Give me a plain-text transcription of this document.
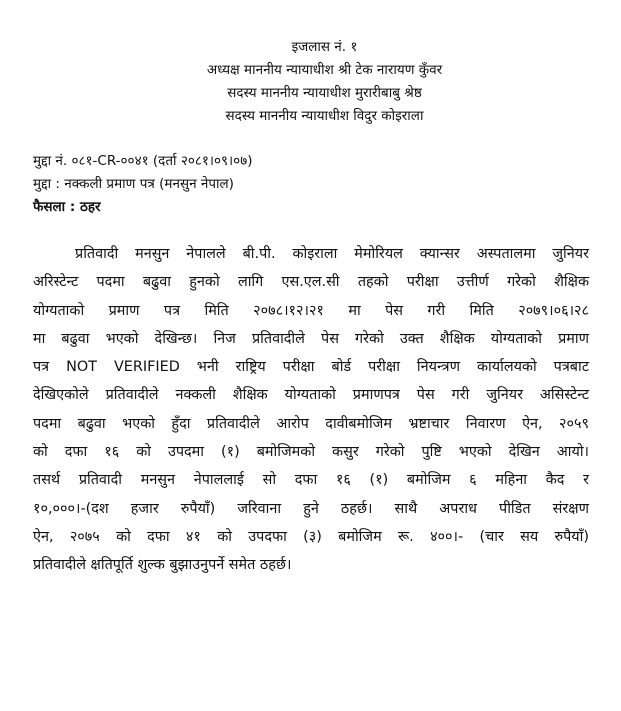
इजलास नं. १
अध्यक्ष माननीय न्यायाधीश श्री टेक नारायण कुँवर
सदस्य माननीय न्यायाधीश मुरारीबाबु श्रेष्ठ
सदस्य माननीय न्यायाधीश विदुर कोइराला
मुद्दा नं. ०८१-CR-००४१ (दर्ता २०८१।०९।०७)
मुद्दा : नक्कली प्रमाण पत्र (मनसुन नेपाल)
फैसला : ठहर
प्रतिवादी मनसुन नेपालले बी.पी. कोइराला मेमोरियल क्यान्सर अस्पतालमा जुनियर
अरिस्टेन्ट पदमा बढुवा हुनको लागि एस.एल.सी तहको परीक्षा उत्तीर्ण गरेको शैक्षिक
योग्यताको प्रमाण पत्र मिति २०७८।१२।२१ मा पेस गरी मिति २०७९।०६।२८
मा बढुवा भएको देखिन्छ। निज प्रतिवादीले पेस गरेको उक्त शैक्षिक योग्यताको प्रमाण
पत्र NOT VERIFIED भनी राष्ट्रिय परीक्षा बोर्ड परीक्षा नियन्त्रण कार्यालयको पत्रबाट
देखिएकोले प्रतिवादीले नक्कली शैक्षिक योग्यताको प्रमाणपत्र पेस गरी जुनियर असिस्टेन्ट
पदमा बढुवा भएको हुँदा प्रतिवादीले आरोप दावीबमोजिम भ्रष्टाचार निवारण ऐन, २०५९
को दफा १६ को उपदमा (१) बमोजिमको कसुर गरेको पुष्टि भएको देखिन आयो।
तसर्थ प्रतिवादी मनसुन नेपाललाई सो दफा १६ (१) बमोजिम ६ महिना कैद र
१०,०००।-(दश हजार रुपैयाँ) जरिवाना हुने ठहर्छ। साथै अपराध पीडित संरक्षण
ऐन, २०७५ को दफा ४१ को उपदफा (३) बमोजिम रू. ४००।- (चार सय रुपैयाँ)
प्रतिवादीले क्षतिपूर्ति शुल्क बुझाउनुपर्ने समेत ठहर्छ।
